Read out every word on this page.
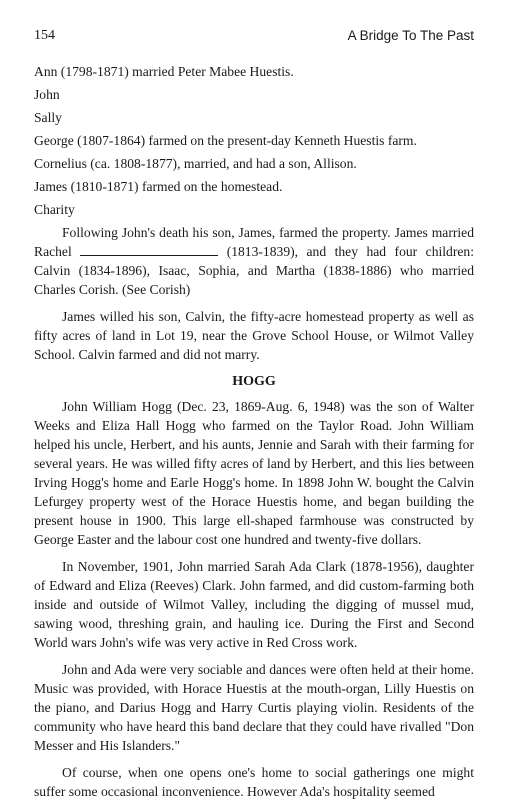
154	A Bridge To The Past

Ann (1798-1871) married Peter Mabee Huestis.

John

Sally

George (1807-1864) farmed on the present-day Kenneth Huestis farm.

Cornelius (ca. 1808-1877), married, and had a son, Allison.

James (1810-1871) farmed on the homestead.

Charity

Following John's death his son, James, farmed the property. James married Rachel	(1813-1839), and they had four children: Calvin (1834-1896), Isaac, Sophia, and Martha (1838-1886) who married Charles Corish. (See Corish)

James willed his son, Calvin, the fifty-acre homestead property as well as fifty acres of land in Lot 19, near the Grove School House, or Wilmot Valley School. Calvin farmed and did not marry.

HOGG

John William Hogg (Dec. 23, 1869-Aug. 6, 1948) was the son of Walter Weeks and Eliza Hall Hogg who farmed on the Taylor Road. John William helped his uncle, Herbert, and his aunts, Jennie and Sarah with their farming for several years. He was willed fifty acres of land by Herbert, and this lies between Irving Hogg's home and Earle Hogg's home. In 1898 John W. bought the Calvin Lefurgey property west of the Horace Huestis home, and began building the present house in 1900. This large ell-shaped farmhouse was constructed by George Easter and the labour cost one hundred and twenty-five dollars.

In November, 1901, John married Sarah Ada Clark (1878-1956), daughter of Edward and Eliza (Reeves) Clark. John farmed, and did custom-farming both inside and outside of Wilmot Valley, including the digging of mussel mud, sawing wood, threshing grain, and hauling ice. During the First and Second World wars John's wife was very active in Red Cross work.

John and Ada were very sociable and dances were often held at their home. Music was provided, with Horace Huestis at the mouth-organ, Lilly Huestis on the piano, and Darius Hogg and Harry Curtis playing violin. Residents of the community who have heard this band declare that they could have rivalled "Don Messer and His Islanders."

Of course, when one opens one's home to social gatherings one might suffer some occasional inconvenience. However Ada's hospitality seemed
